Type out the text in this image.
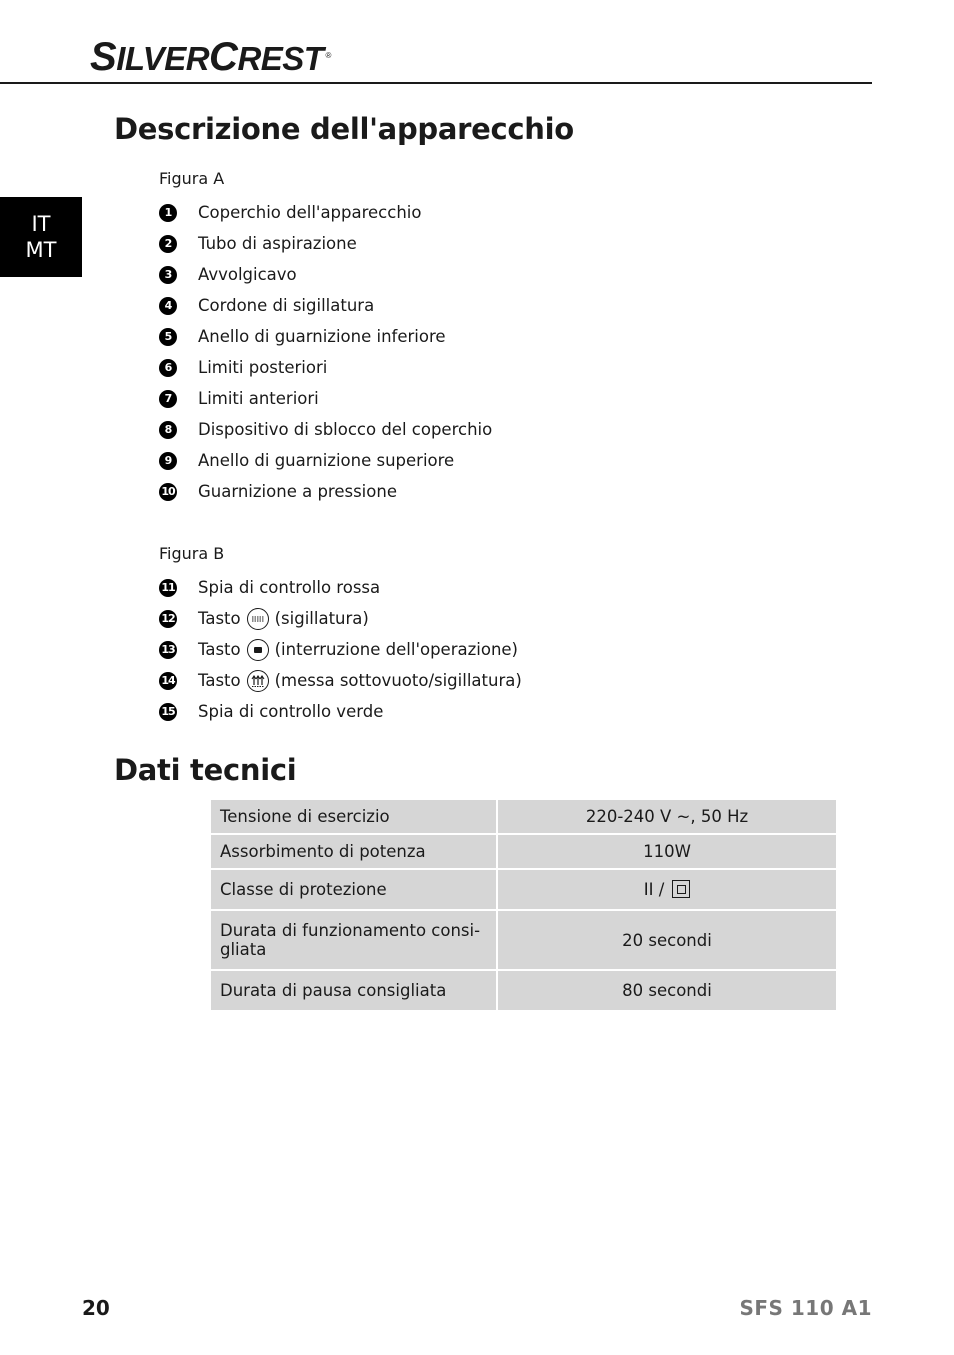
SILVERCREST ®
IT
MT
Descrizione dell'apparecchio
Figura A
1	Coperchio dell'apparecchio
2	Tubo di aspirazione
3	Avvolgicavo
4	Cordone di sigillatura
5	Anello di guarnizione inferiore
6	Limiti posteriori
7	Limiti anteriori
8	Dispositivo di sblocco del coperchio
9	Anello di guarnizione superiore
10 Guarnizione a pressione
Figura B
11 Spia di controllo rossa
12 Tasto (sigillatura)
13 Tasto (interruzione dell'operazione)
14 Tasto (messa sottovuoto/sigillatura)
15 Spia di controllo verde
Dati tecnici
Tensione di esercizio	220-240 V ~, 50 Hz
Assorbimento di potenza	110W
Classe di protezione	II /
Durata di funzionamento consi- gliata	20 secondi
Durata di pausa consigliata	80 secondi
20	SFS 110 A1
